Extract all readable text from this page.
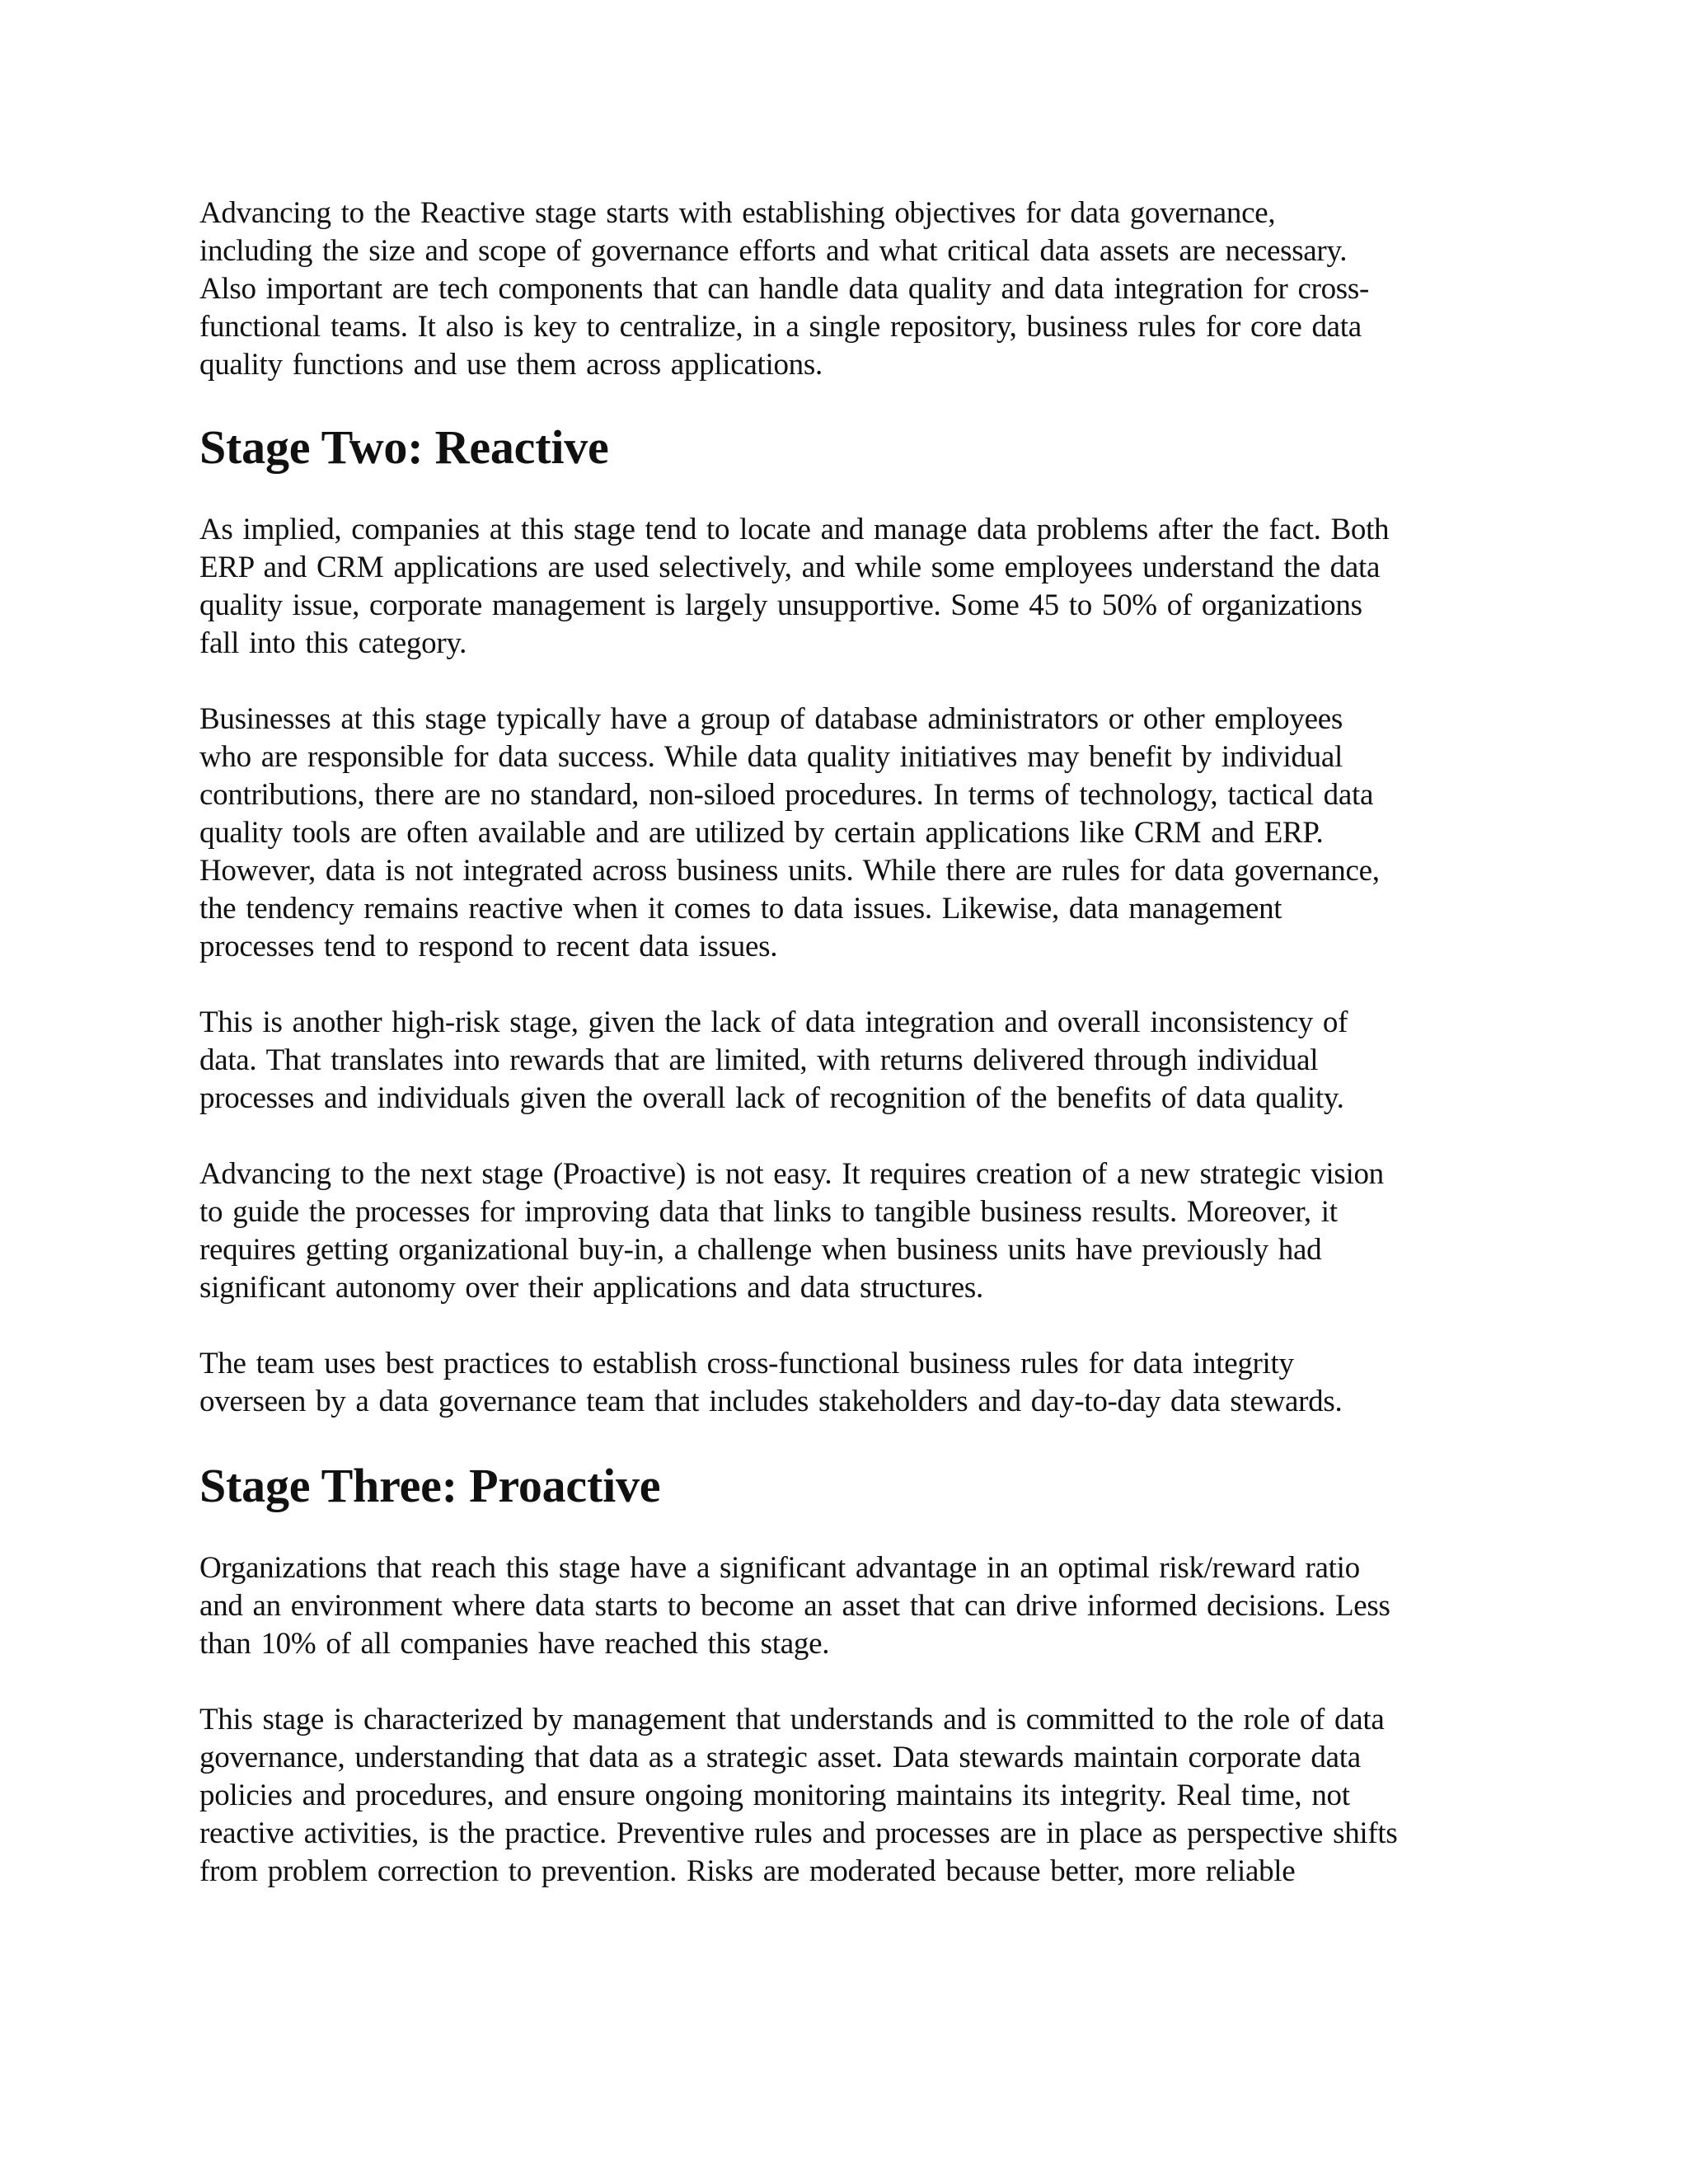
Advancing to the Reactive stage starts with establishing objectives for data governance,
including the size and scope of governance efforts and what critical data assets are necessary.
Also important are tech components that can handle data quality and data integration for cross-
functional teams. It also is key to centralize, in a single repository, business rules for core data
quality functions and use them across applications.

Stage Two: Reactive

As implied, companies at this stage tend to locate and manage data problems after the fact. Both
ERP and CRM applications are used selectively, and while some employees understand the data
quality issue, corporate management is largely unsupportive. Some 45 to 50% of organizations
fall into this category.

Businesses at this stage typically have a group of database administrators or other employees
who are responsible for data success. While data quality initiatives may benefit by individual
contributions, there are no standard, non-siloed procedures. In terms of technology, tactical data
quality tools are often available and are utilized by certain applications like CRM and ERP.
However, data is not integrated across business units. While there are rules for data governance,
the tendency remains reactive when it comes to data issues. Likewise, data management
processes tend to respond to recent data issues.

This is another high-risk stage, given the lack of data integration and overall inconsistency of
data. That translates into rewards that are limited, with returns delivered through individual
processes and individuals given the overall lack of recognition of the benefits of data quality.

Advancing to the next stage (Proactive) is not easy. It requires creation of a new strategic vision
to guide the processes for improving data that links to tangible business results. Moreover, it
requires getting organizational buy-in, a challenge when business units have previously had
significant autonomy over their applications and data structures.

The team uses best practices to establish cross-functional business rules for data integrity
overseen by a data governance team that includes stakeholders and day-to-day data stewards.

Stage Three: Proactive

Organizations that reach this stage have a significant advantage in an optimal risk/reward ratio
and an environment where data starts to become an asset that can drive informed decisions. Less
than 10% of all companies have reached this stage.

This stage is characterized by management that understands and is committed to the role of data
governance, understanding that data as a strategic asset. Data stewards maintain corporate data
policies and procedures, and ensure ongoing monitoring maintains its integrity. Real time, not
reactive activities, is the practice. Preventive rules and processes are in place as perspective shifts
from problem correction to prevention. Risks are moderated because better, more reliable
